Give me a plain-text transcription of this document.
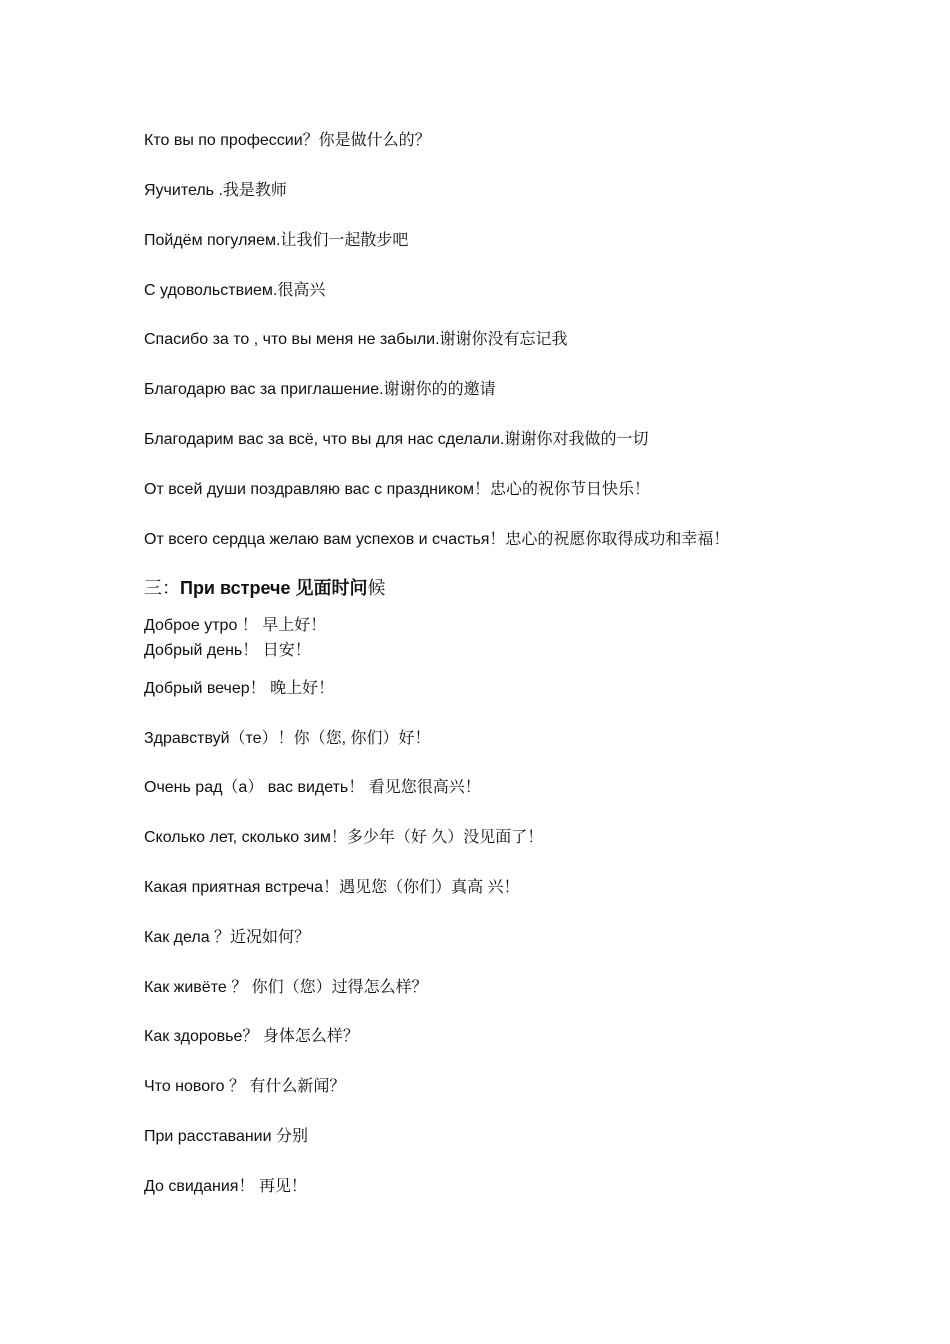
Кто вы по профессии？你是做什么的？
Яучитель .我是教师
Пойдём погуляем.让我们一起散步吧
С удовольствием.很高兴
Спасибо за то , что вы меня не забыли.谢谢你没有忘记我
Благодарю вас за приглашение.谢谢你的的邀请
Благодарим вас за всё, что вы для нас сделали.谢谢你对我做的一切
От всей души поздравляю вас с праздником！忠心的祝你节日快乐！
От всего сердца желаю вам успехов и счастья！忠心的祝愿你取得成功和幸福！
三：При встрече 见面时问候
Доброе утро ！ 早上好！
Добрый день！ 日安！
Добрый вечер！ 晚上好！
Здравствуй（те）！你（您, 你们）好！
Очень рад（а） вас видеть！ 看见您很高兴！
Сколько лет, сколько зим！多少年（好 久）没见面了！
Какая приятная встреча！遇见您（你们）真高 兴！
Как дела ？近况如何？
Как живёте ？ 你们（您）过得怎么样？
Как здоровье？ 身体怎么样？
Что нового ？ 有什么新闻？
При расставании 分别
До свидания！ 再见！
